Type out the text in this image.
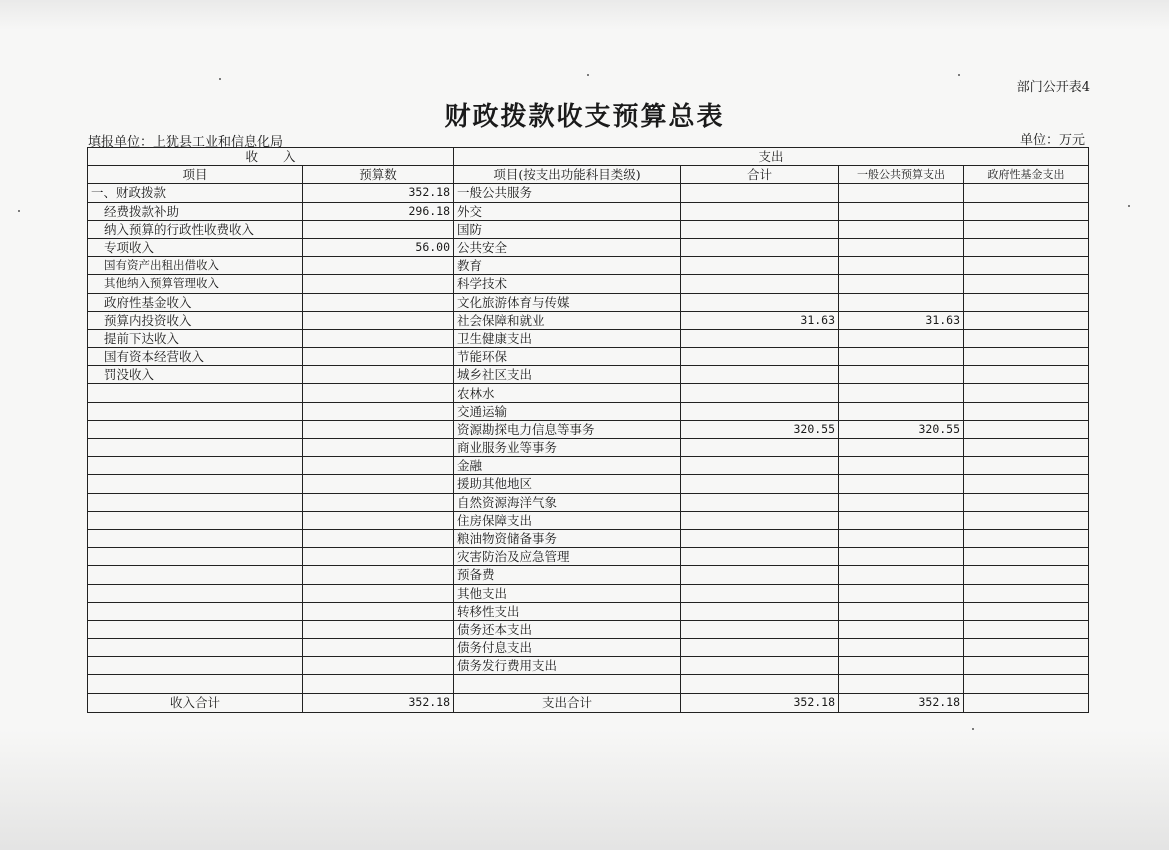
部门公开表4
财政拨款收支预算总表
填报单位：上犹县工业和信息化局	单位：万元
收　　入		支出			
项目	预算数	项目(按支出功能科目类级)	合计	一般公共预算支出	政府性基金支出
一、财政拨款	352.18	一般公共服务			
经费拨款补助	296.18	外交			
纳入预算的行政性收费收入		国防			
专项收入	56.00	公共安全			
国有资产出租出借收入		教育			
其他纳入预算管理收入		科学技术			
政府性基金收入		文化旅游体育与传媒			
预算内投资收入		社会保障和就业	31.63	31.63	
提前下达收入		卫生健康支出			
国有资本经营收入		节能环保			
罚没收入		城乡社区支出			
		农林水			
		交通运输			
		资源勘探电力信息等事务	320.55	320.55	
		商业服务业等事务			
		金融			
		援助其他地区			
		自然资源海洋气象			
		住房保障支出			
		粮油物资储备事务			
		灾害防治及应急管理			
		预备费			
		其他支出			
		转移性支出			
		债务还本支出			
		债务付息支出			
		债务发行费用支出			

收入合计	352.18	支出合计	352.18	352.18	
